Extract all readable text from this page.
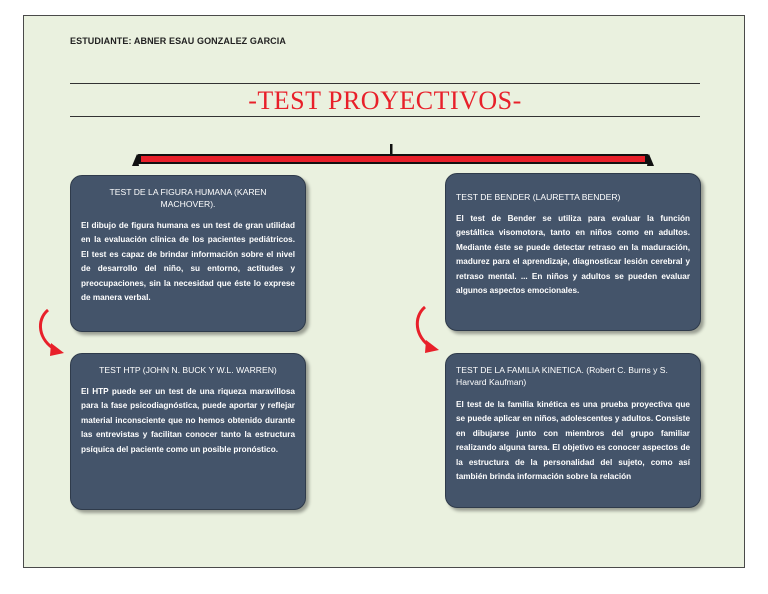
ESTUDIANTE: ABNER ESAU GONZALEZ GARCIA
-TEST PROYECTIVOS-
TEST DE LA FIGURA HUMANA (KAREN MACHOVER).

El dibujo de figura humana es un test de gran utilidad en la evaluación clínica de los pacientes pediátricos. El test es capaz de brindar información sobre el nivel de desarrollo del niño, su entorno, actitudes y preocupaciones, sin la necesidad que éste lo exprese de manera verbal.

TEST DE BENDER (LAURETTA BENDER)

El test de Bender se utiliza para evaluar la función gestáltica visomotora, tanto en niños como en adultos. Mediante éste se puede detectar retraso en la maduración, madurez para el aprendizaje, diagnosticar lesión cerebral y retraso mental. ... En niños y adultos se pueden evaluar algunos aspectos emocionales.

TEST HTP (JOHN N. BUCK Y W.L. WARREN)

El HTP puede ser un test de una riqueza maravillosa para la fase psicodiagnóstica, puede aportar y reflejar material inconsciente que no hemos obtenido durante las entrevistas y facilitan conocer tanto la estructura psíquica del paciente como un posible pronóstico.

TEST DE LA FAMILIA KINETICA. (Robert C. Burns y S. Harvard Kaufman)

El test de la familia kinética es una prueba proyectiva que se puede aplicar en niños, adolescentes y adultos. Consiste en dibujarse junto con miembros del grupo familiar realizando alguna tarea. El objetivo es conocer aspectos de la estructura de la personalidad del sujeto, como así también brinda información sobre la relación
